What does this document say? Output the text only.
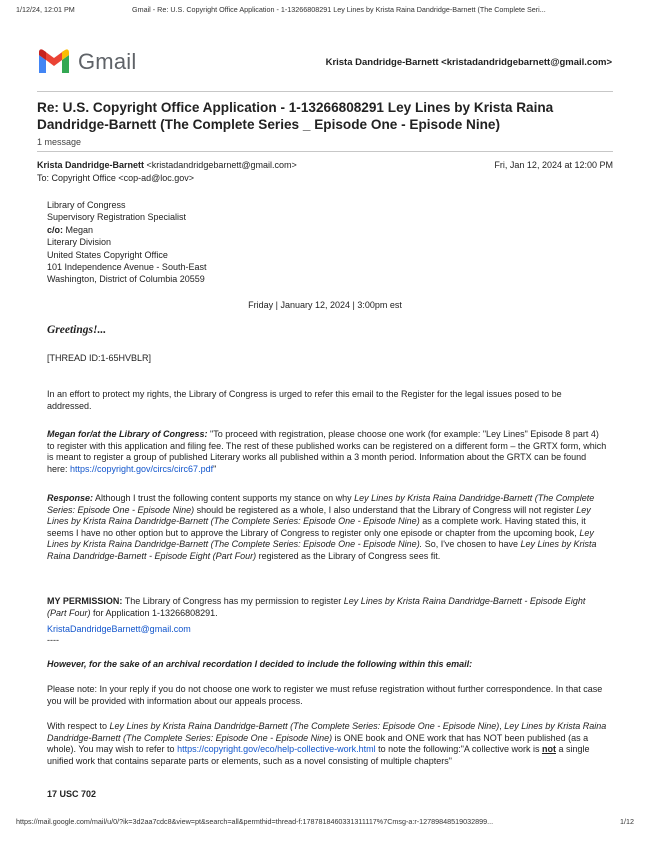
1/12/24, 12:01 PM	Gmail - Re: U.S. Copyright Office Application - 1-13266808291 Ley Lines by Krista Raina Dandridge-Barnett (The Complete Seri...
Gmail	Krista Dandridge-Barnett <kristadandridgebarnett@gmail.com>
Re: U.S. Copyright Office Application - 1-13266808291 Ley Lines by Krista Raina Dandridge-Barnett (The Complete Series _ Episode One - Episode Nine)
1 message
Krista Dandridge-Barnett <kristadandridgebarnett@gmail.com>	Fri, Jan 12, 2024 at 12:00 PM
To: Copyright Office <cop-ad@loc.gov>
Library of Congress
Supervisory Registration Specialist
c/o: Megan
Literary Division
United States Copyright Office
101 Independence Avenue - South-East
Washington, District of Columbia 20559
Friday | January 12, 2024 | 3:00pm est
Greetings!...
[THREAD ID:1-65HVBLR]

In an effort to protect my rights, the Library of Congress is urged to refer this email to the Register for the legal issues posed to be addressed.

Megan for/at the Library of Congress: "To proceed with registration, please choose one work (for example: "Ley Lines" Episode 8 part 4) to register with this application and filing fee. The rest of these published works can be registered on a different form – the GRTX form, which is meant to register a group of published Literary works all published within a 3 month period. Information about the GRTX can be found here: https://copyright.gov/circs/circ67.pdf"

Response: Although I trust the following content supports my stance on why Ley Lines by Krista Raina Dandridge-Barnett (The Complete Series: Episode One - Episode Nine) should be registered as a whole, I also understand that the Library of Congress will not register Ley Lines by Krista Raina Dandridge-Barnett (The Complete Series: Episode One - Episode Nine) as a complete work. Having stated this, it seems I have no other option but to approve the Library of Congress to register only one episode or chapter from the upcoming book, Ley Lines by Krista Raina Dandridge-Barnett (The Complete Series: Episode One - Episode Nine). So, I've chosen to have Ley Lines by Krista Raina Dandridge-Barnett - Episode Eight (Part Four) registered as the Library of Congress sees fit.

MY PERMISSION: The Library of Congress has my permission to register Ley Lines by Krista Raina Dandridge-Barnett - Episode Eight (Part Four) for Application 1-13266808291.

KristaDandridgeBarnett@gmail.com
----

However, for the sake of an archival recordation I decided to include the following within this email:

Please note: In your reply if you do not choose one work to register we must refuse registration without further correspondence. In that case you will be provided with information about our appeals process.

With respect to Ley Lines by Krista Raina Dandridge-Barnett (The Complete Series: Episode One - Episode Nine), Ley Lines by Krista Raina Dandridge-Barnett (The Complete Series: Episode One - Episode Nine) is ONE book and ONE work that has NOT been published (as a whole). You may wish to refer to https://copyright.gov/eco/help-collective-work.html to note the following:"A collective work is not a single unified work that contains separate parts or elements, such as a novel consisting of multiple chapters"

17 USC 702
https://mail.google.com/mail/u/0/?ik=3d2aa7cdc8&view=pt&search=all&permthid=thread-f:1787818460331311117%7Cmsg-a:r-12789848519032899...	1/12
